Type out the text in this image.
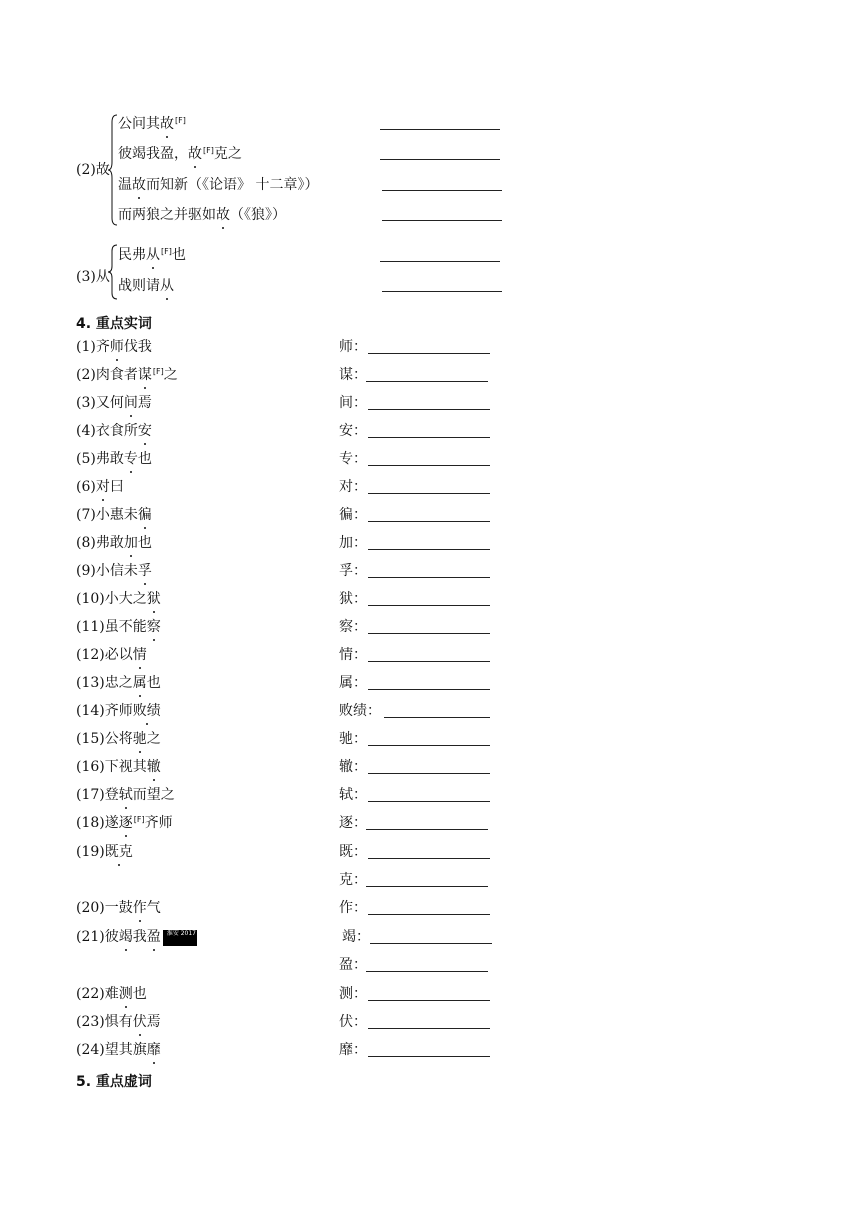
(2)故
公问其故[F]
彼竭我盈，故[F]克之
温故而知新（《论语》 十二章》）
而两狼之并驱如故（《狼》）
(3)从
民弗从[F]也
战则请从
4. 重点实词
(1)齐师伐我	师：
(2)肉食者谋[F]之	谋：
(3)又何间焉	间：
(4)衣食所安	安：
(5)弗敢专也	专：
(6)对曰	对：
(7)小惠未徧	徧：
(8)弗敢加也	加：
(9)小信未孚	孚：
(10)小大之狱	狱：
(11)虽不能察	察：
(12)必以情	情：
(13)忠之属也	属：
(14)齐师败绩	败绩：
(15)公将驰之	驰：
(16)下视其辙	辙：
(17)登轼而望之	轼：
(18)遂逐[F]齐师	逐：
(19)既克	既：
克：
(20)一鼓作气	作：
(21)彼竭我盈	淮安 2017	竭：
盈：
(22)难测也	测：
(23)惧有伏焉	伏：
(24)望其旗靡	靡：
5. 重点虚词
